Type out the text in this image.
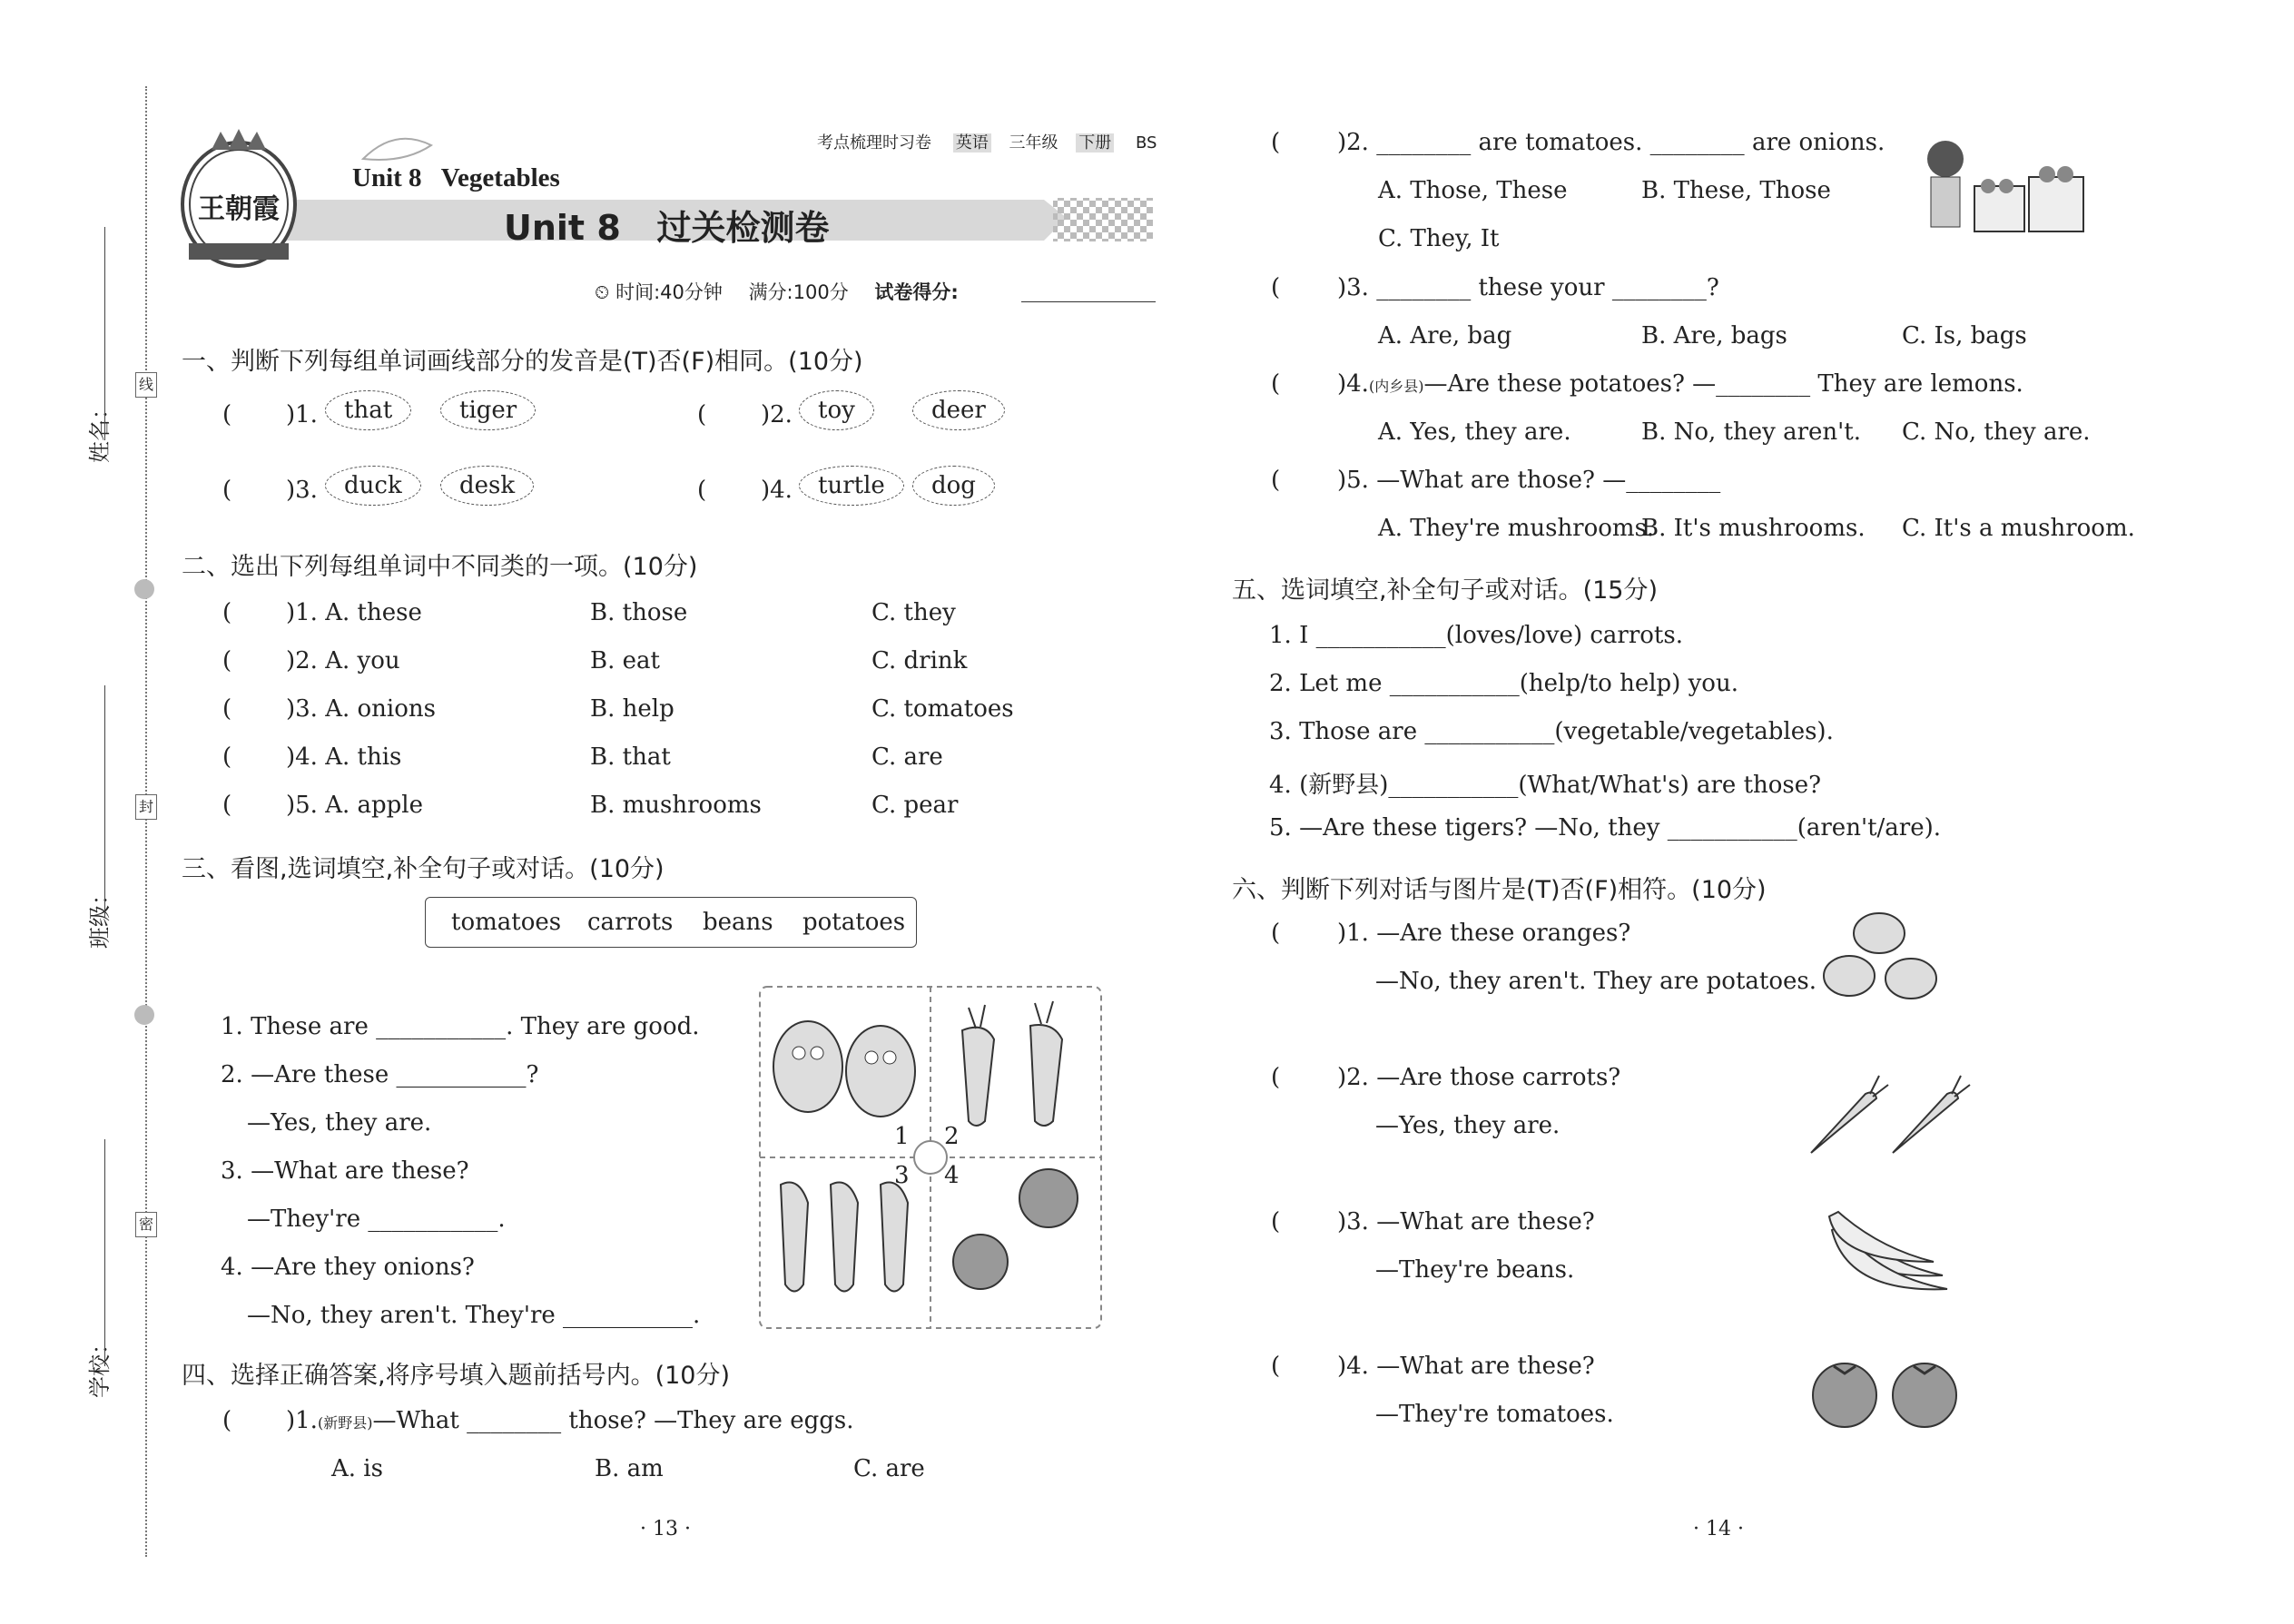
姓名：
班级：
学校：
线
封
密
王朝霞
考点梳理时习卷 英语 三年级 下册 BS
Unit 8   Vegetables
Unit 8   过关检测卷
⏲ 时间:40分钟 满分:100分 试卷得分:
一、判断下列每组单词画线部分的发音是(T)否(F)相同。(10分)
( )1.	that	tiger	( )2.	toy	deer
( )3.	duck	desk	( )4.	turtle	dog
二、选出下列每组单词中不同类的一项。(10分)
( )1. A. these	B. those	C. they
( )2. A. you	B. eat	C. drink
( )3. A. onions	B. help	C. tomatoes
( )4. A. this	B. that	C. are
( )5. A. apple	B. mushrooms	C. pear
三、看图,选词填空,补全句子或对话。(10分)
tomatoes carrots beans potatoes
1. These are ___________. They are good.
2. —Are these ___________?
—Yes, they are.
3. —What are these?
—They're ___________.
4. —Are they onions?
—No, they aren't. They're ___________.
1 2
3 4
四、选择正确答案,将序号填入题前括号内。(10分)
( )1.(新野县)—What ________ those? —They are eggs.
A. is	B. am	C. are
· 13 ·
( )2. ________ are tomatoes. ________ are onions.
A. Those, These	B. These, Those
C. They, It
( )3. ________ these your ________?
A. Are, bag	B. Are, bags	C. Is, bags
( )4.(内乡县)—Are these potatoes? —________ They are lemons.
A. Yes, they are.	B. No, they aren't. C. No, they are.
( )5. —What are those? —________
A. They're mushrooms.
B. It's mushrooms. C. It's a mushroom.
五、选词填空,补全句子或对话。(15分)
1. I ___________(loves/love) carrots.
2. Let me ___________(help/to help) you.
3. Those are ___________(vegetable/vegetables).
4. (新野县)___________(What/What's) are those?
5. —Are these tigers? —No, they ___________(aren't/are).
六、判断下列对话与图片是(T)否(F)相符。(10分)
( )1. —Are these oranges?
—No, they aren't. They are potatoes.
( )2. —Are those carrots?
—Yes, they are.
( )3. —What are these?
—They're beans.
( )4. —What are these?
—They're tomatoes.
· 14 ·
